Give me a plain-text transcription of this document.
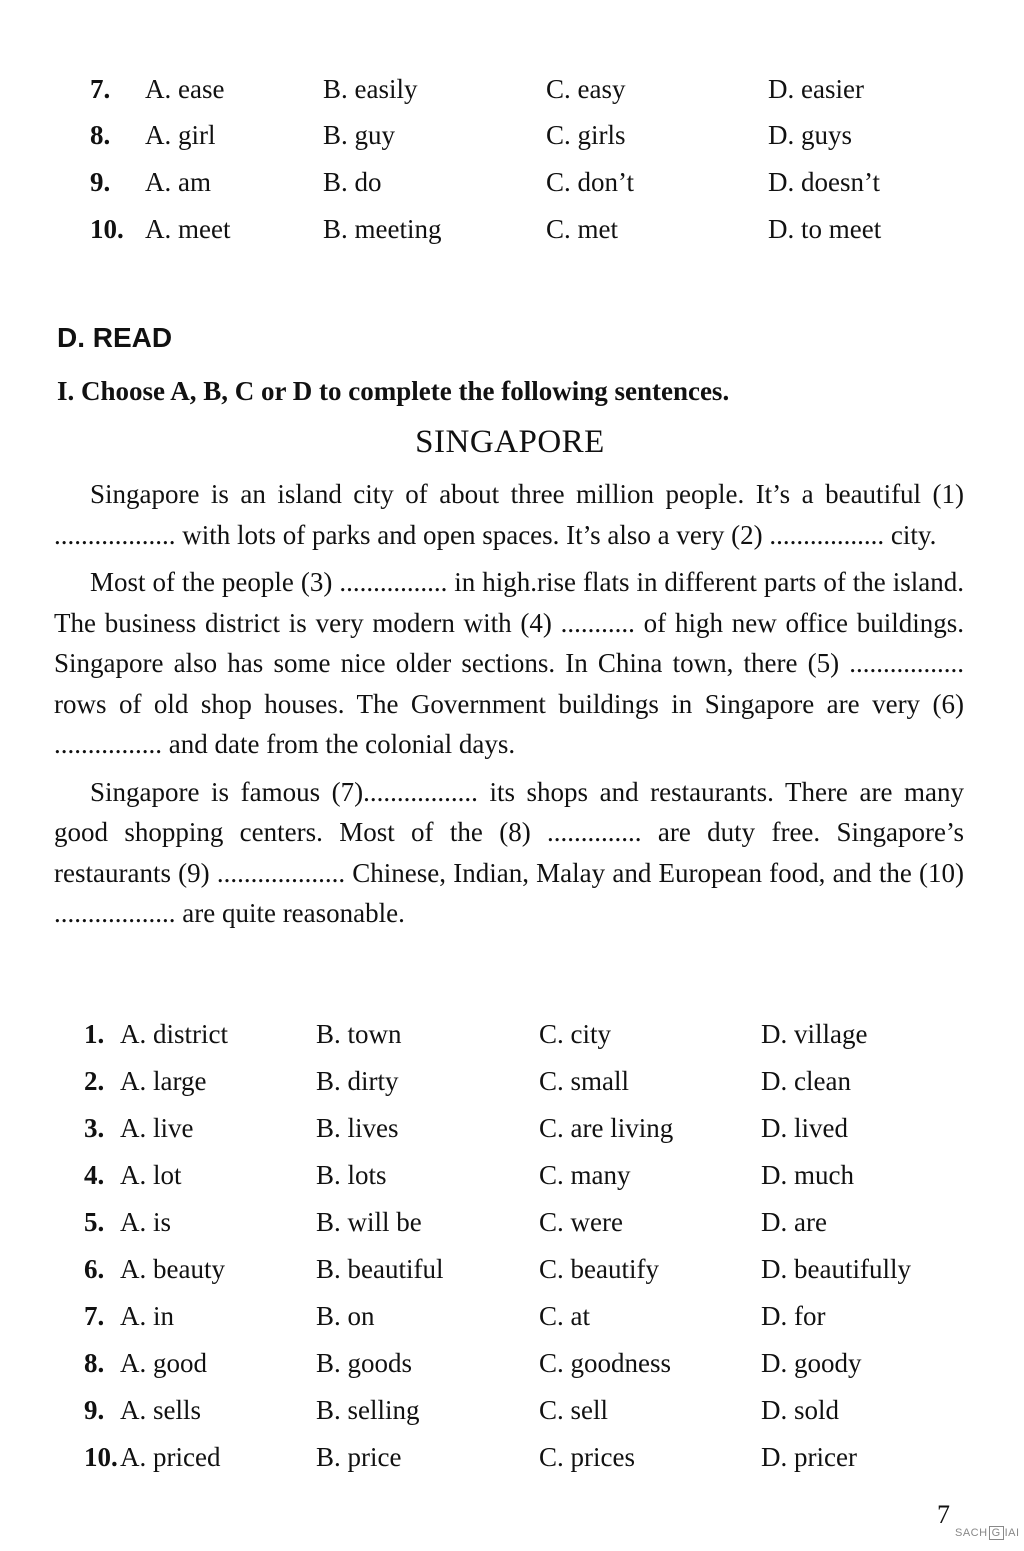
7. A. ease	B. easily	C. easy	D. easier
8. A. girl	B. guy	C. girls	D. guys
9. A. am	B. do	C. don’t	D. doesn’t
10. A. meet	B. meeting	C. met	D. to meet
D. READ
I. Choose A, B, C or D to complete the following sentences.
SINGAPORE

Singapore is an island city of about three million people. It’s a beautiful (1) .................. with lots of parks and open spaces. It’s also a very (2) ................. city.

Most of the people (3) ................ in high.rise flats in different parts of the island. The business district is very modern with (4) ........... of high new office buildings. Singapore also has some nice older sections. In China town, there (5) ................. rows of old shop houses. The Government buildings in Singapore are very (6) ................ and date from the colonial days.

Singapore is famous (7)................. its shops and restaurants. There are many good shopping centers. Most of the (8) .............. are duty free. Singapore’s restaurants (9) ................... Chinese, Indian, Malay and European food, and the (10) .................. are quite reasonable.

1. A. district	B. town	C. city	D. village
2. A. large	B. dirty	C. small	D. clean
3. A. live	B. lives	C. are living	D. lived
4. A. lot	B. lots	C. many	D. much
5. A. is	B. will be	C. were	D. are
6. A. beauty	B. beautiful	C. beautify	D. beautifully
7. A. in	B. on	C. at	D. for
8. A. good	B. goods	C. goodness	D. goody
9. A. sells	B. selling	C. sell	D. sold
10. A. priced	B. price	C. prices	D. pricer
7
SACH G IAI
